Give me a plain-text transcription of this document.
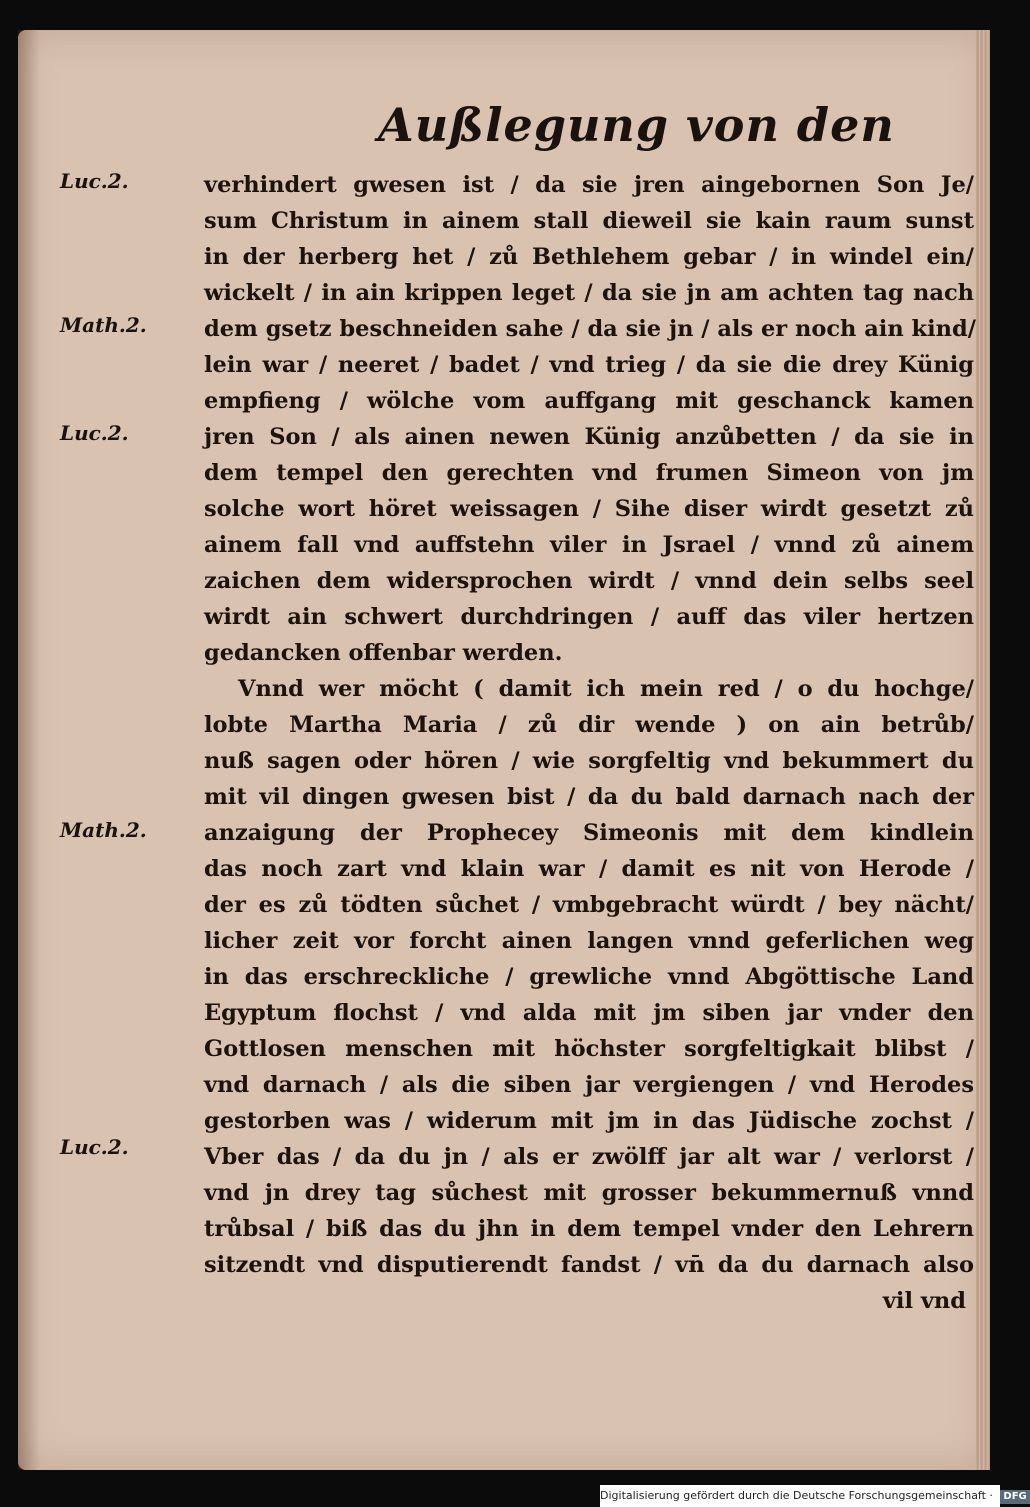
Außlegung von den
Luc.2.
Math.2.
Luc.2.
Math.2.
Luc.2.
verhindert gwesen ist / da sie jren aingebornen Son Je/
sum Christum in ainem stall dieweil sie kain raum sunst
in der herberg het / zů Bethlehem gebar / in windel ein/
wickelt / in ain krippen leget / da sie jn am achten tag nach
dem gsetz beschneiden sahe / da sie jn / als er noch ain kind/
lein war / neeret / badet / vnd trieg / da sie die drey Künig
empfieng / wölche vom auffgang mit geschanck kamen
jren Son / als ainen newen Künig anzůbetten / da sie in
dem tempel den gerechten vnd frumen Simeon von jm
solche wort höret weissagen / Sihe diser wirdt gesetzt zů
ainem fall vnd auffstehn viler in Jsrael / vnnd zů ainem
zaichen dem widersprochen wirdt / vnnd dein selbs seel
wirdt ain schwert durchdringen / auff das viler hertzen
gedancken offenbar werden.
Vnnd wer möcht ( damit ich mein red / o du hochge/
lobte Martha Maria / zů dir wende ) on ain betrůb/
nuß sagen oder hören / wie sorgfeltig vnd bekummert du
mit vil dingen gwesen bist / da du bald darnach nach der
anzaigung der Prophecey Simeonis mit dem kindlein
das noch zart vnd klain war / damit es nit von Herode /
der es zů tödten sůchet / vmbgebracht würdt / bey nächt/
licher zeit vor forcht ainen langen vnnd geferlichen weg
in das erschreckliche / grewliche vnnd Abgöttische Land
Egyptum flochst / vnd alda mit jm siben jar vnder den
Gottlosen menschen mit höchster sorgfeltigkait blibst /
vnd darnach / als die siben jar vergiengen / vnd Herodes
gestorben was / widerum mit jm in das Jüdische zochst /
Vber das / da du jn / als er zwölff jar alt war / verlorst /
vnd jn drey tag sůchest mit grosser bekummernuß vnnd
trůbsal / biß das du jhn in dem tempel vnder den Lehrern
sitzendt vnd disputierendt fandst / vn̄ da du darnach also
vil vnd
Digitalisierung gefördert durch die Deutsche Forschungsgemeinschaft · DFG
